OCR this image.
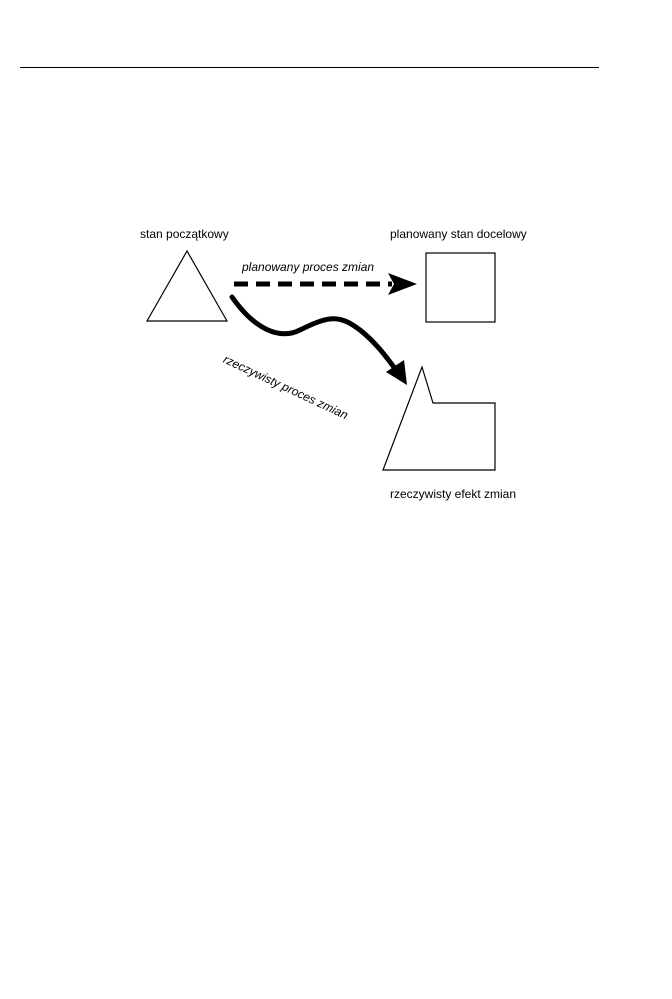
stan początkowy	planowany stan docelowy
planowany proces zmian
rzeczywisty proces zmian
rzeczywisty efekt zmian
